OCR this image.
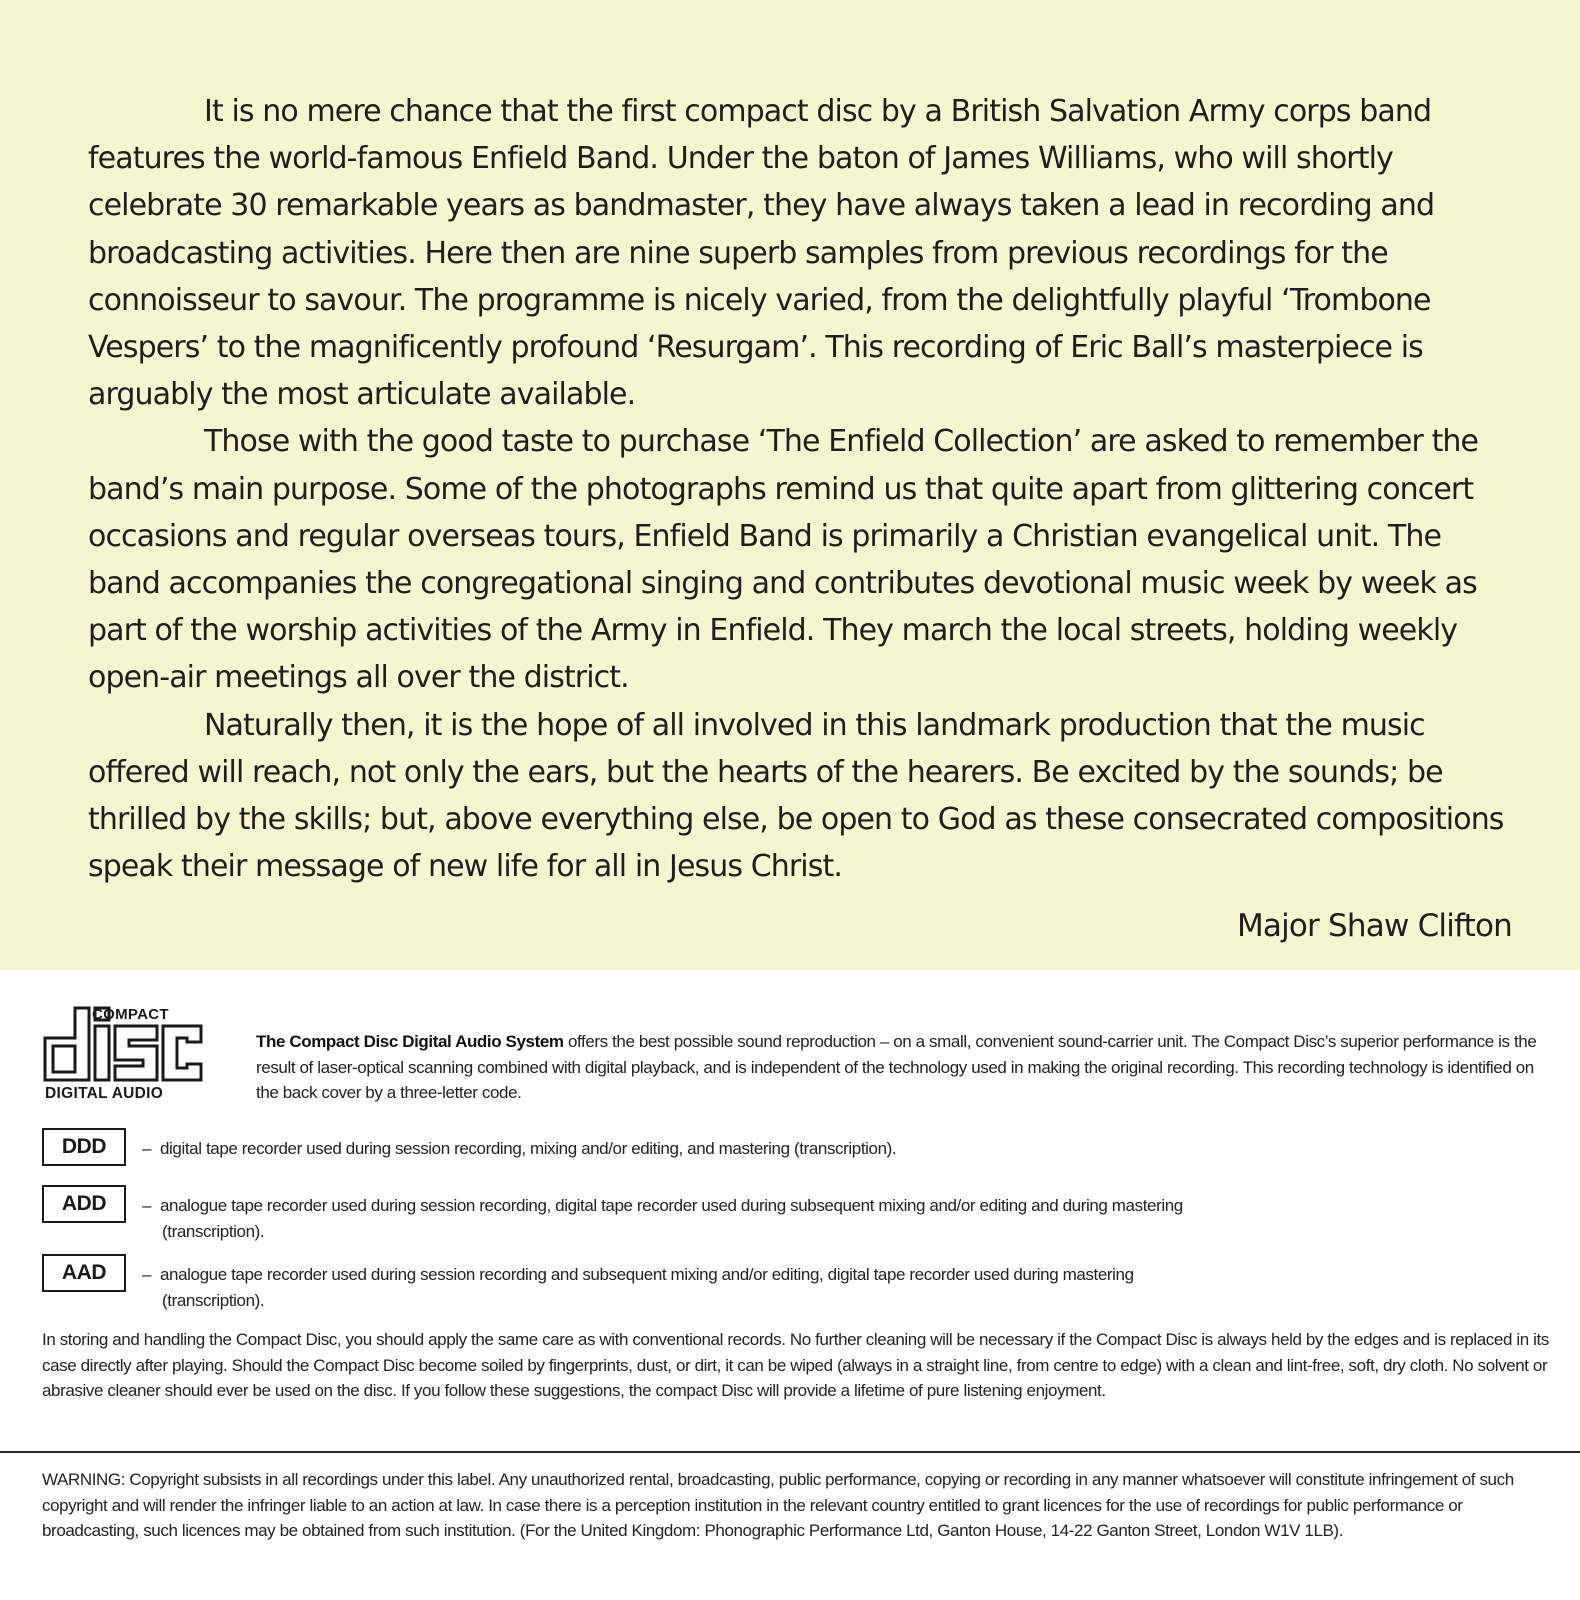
It is no mere chance that the first compact disc by a British Salvation Army corps band features the world-famous Enfield Band. Under the baton of James Williams, who will shortly celebrate 30 remarkable years as bandmaster, they have always taken a lead in recording and broadcasting activities. Here then are nine superb samples from previous recordings for the connoisseur to savour. The programme is nicely varied, from the delightfully playful ‘Trombone Vespers’ to the magnificently profound ‘Resurgam’. This recording of Eric Ball’s masterpiece is arguably the most articulate available.

Those with the good taste to purchase ‘The Enfield Collection’ are asked to remember the band’s main purpose. Some of the photographs remind us that quite apart from glittering concert occasions and regular overseas tours, Enfield Band is primarily a Christian evangelical unit. The band accompanies the congregational singing and contributes devotional music week by week as part of the worship activities of the Army in Enfield. They march the local streets, holding weekly open-air meetings all over the district.

Naturally then, it is the hope of all involved in this landmark production that the music offered will reach, not only the ears, but the hearts of the hearers. Be excited by the sounds; be thrilled by the skills; but, above everything else, be open to God as these consecrated compositions speak their message of new life for all in Jesus Christ.

Major Shaw Clifton
COMPACT
disc
DIGITAL AUDIO
The Compact Disc Digital Audio System offers the best possible sound reproduction – on a small, convenient sound-carrier unit. The Compact Disc’s superior performance is the result of laser-optical scanning combined with digital playback, and is independent of the technology used in making the original recording. This recording technology is identified on the back cover by a three-letter code.
DDD	– digital tape recorder used during session recording, mixing and/or editing, and mastering (transcription).
ADD	– analogue tape recorder used during session recording, digital tape recorder used during subsequent mixing and/or editing and during mastering
(transcription).
AAD	– analogue tape recorder used during session recording and subsequent mixing and/or editing, digital tape recorder used during mastering
(transcription).
In storing and handling the Compact Disc, you should apply the same care as with conventional records. No further cleaning will be necessary if the Compact Disc is always held by the edges and is replaced in its case directly after playing. Should the Compact Disc become soiled by fingerprints, dust, or dirt, it can be wiped (always in a straight line, from centre to edge) with a clean and lint-free, soft, dry cloth. No solvent or abrasive cleaner should ever be used on the disc. If you follow these suggestions, the compact Disc will provide a lifetime of pure listening enjoyment.
WARNING: Copyright subsists in all recordings under this label. Any unauthorized rental, broadcasting, public performance, copying or recording in any manner whatsoever will constitute infringement of such copyright and will render the infringer liable to an action at law. In case there is a perception institution in the relevant country entitled to grant licences for the use of recordings for public performance or broadcasting, such licences may be obtained from such institution. (For the United Kingdom: Phonographic Performance Ltd, Ganton House, 14-22 Ganton Street, London W1V 1LB).
